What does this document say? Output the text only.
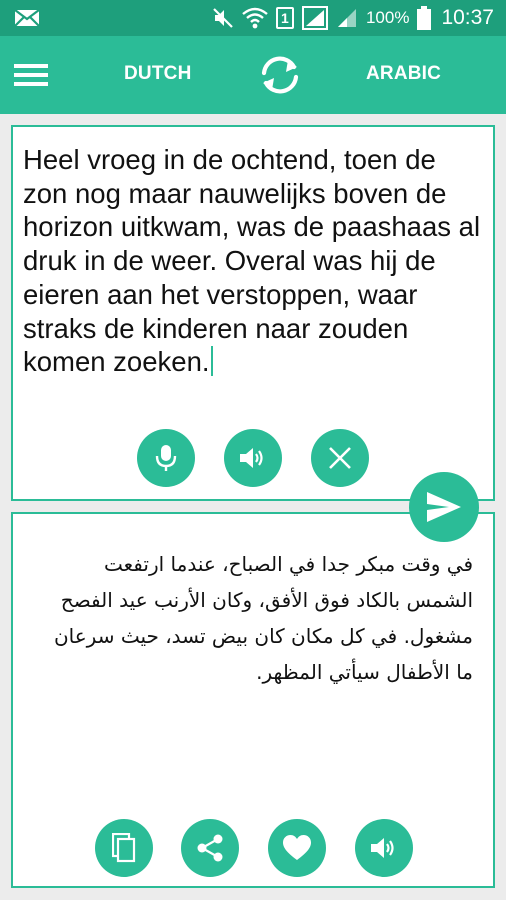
1	100% 10:37
DUTCH	ARABIC
Heel vroeg in de ochtend, toen de zon nog maar nauwelijks boven de horizon uitkwam, was de paashaas al druk in de weer. Overal was hij de eieren aan het verstoppen, waar straks de kinderen naar zouden komen zoeken.
في وقت مبكر جدا في الصباح، عندما ارتفعت الشمس بالكاد فوق الأفق، وكان الأرنب عيد الفصح مشغول. في كل مكان كان بيض تسد، حيث سرعان ما الأطفال سيأتي المظهر.
